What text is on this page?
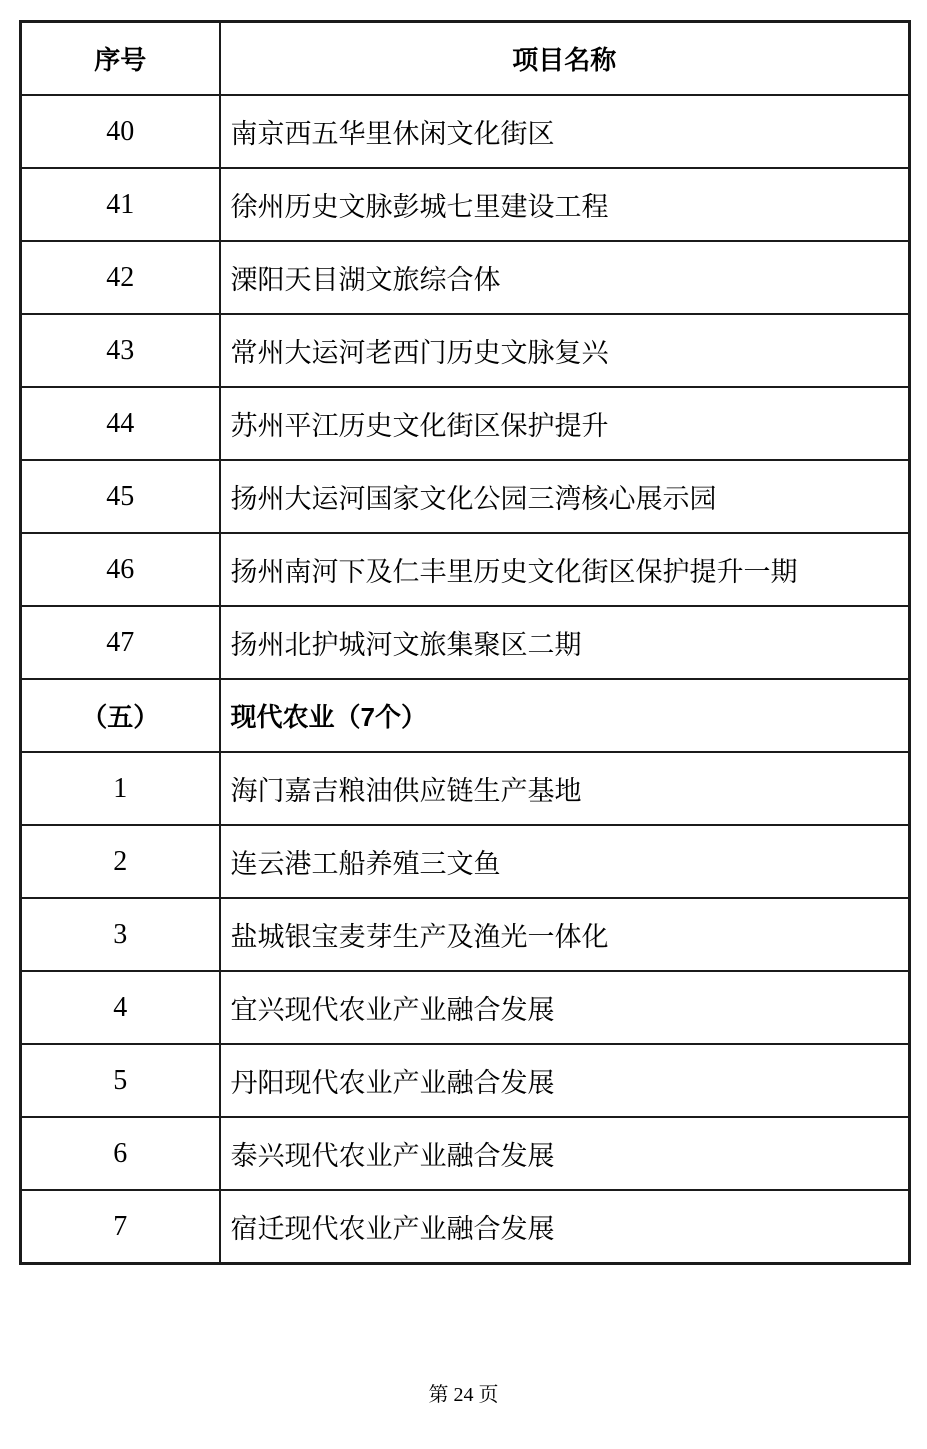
序号	项目名称
40	南京西五华里休闲文化街区
41	徐州历史文脉彭城七里建设工程
42	溧阳天目湖文旅综合体
43	常州大运河老西门历史文脉复兴
44	苏州平江历史文化街区保护提升
45	扬州大运河国家文化公园三湾核心展示园
46	扬州南河下及仁丰里历史文化街区保护提升一期
47	扬州北护城河文旅集聚区二期
（五）	现代农业（7个）
1	海门嘉吉粮油供应链生产基地
2	连云港工船养殖三文鱼
3	盐城银宝麦芽生产及渔光一体化
4	宜兴现代农业产业融合发展
5	丹阳现代农业产业融合发展
6	泰兴现代农业产业融合发展
7	宿迁现代农业产业融合发展
第 24 页
